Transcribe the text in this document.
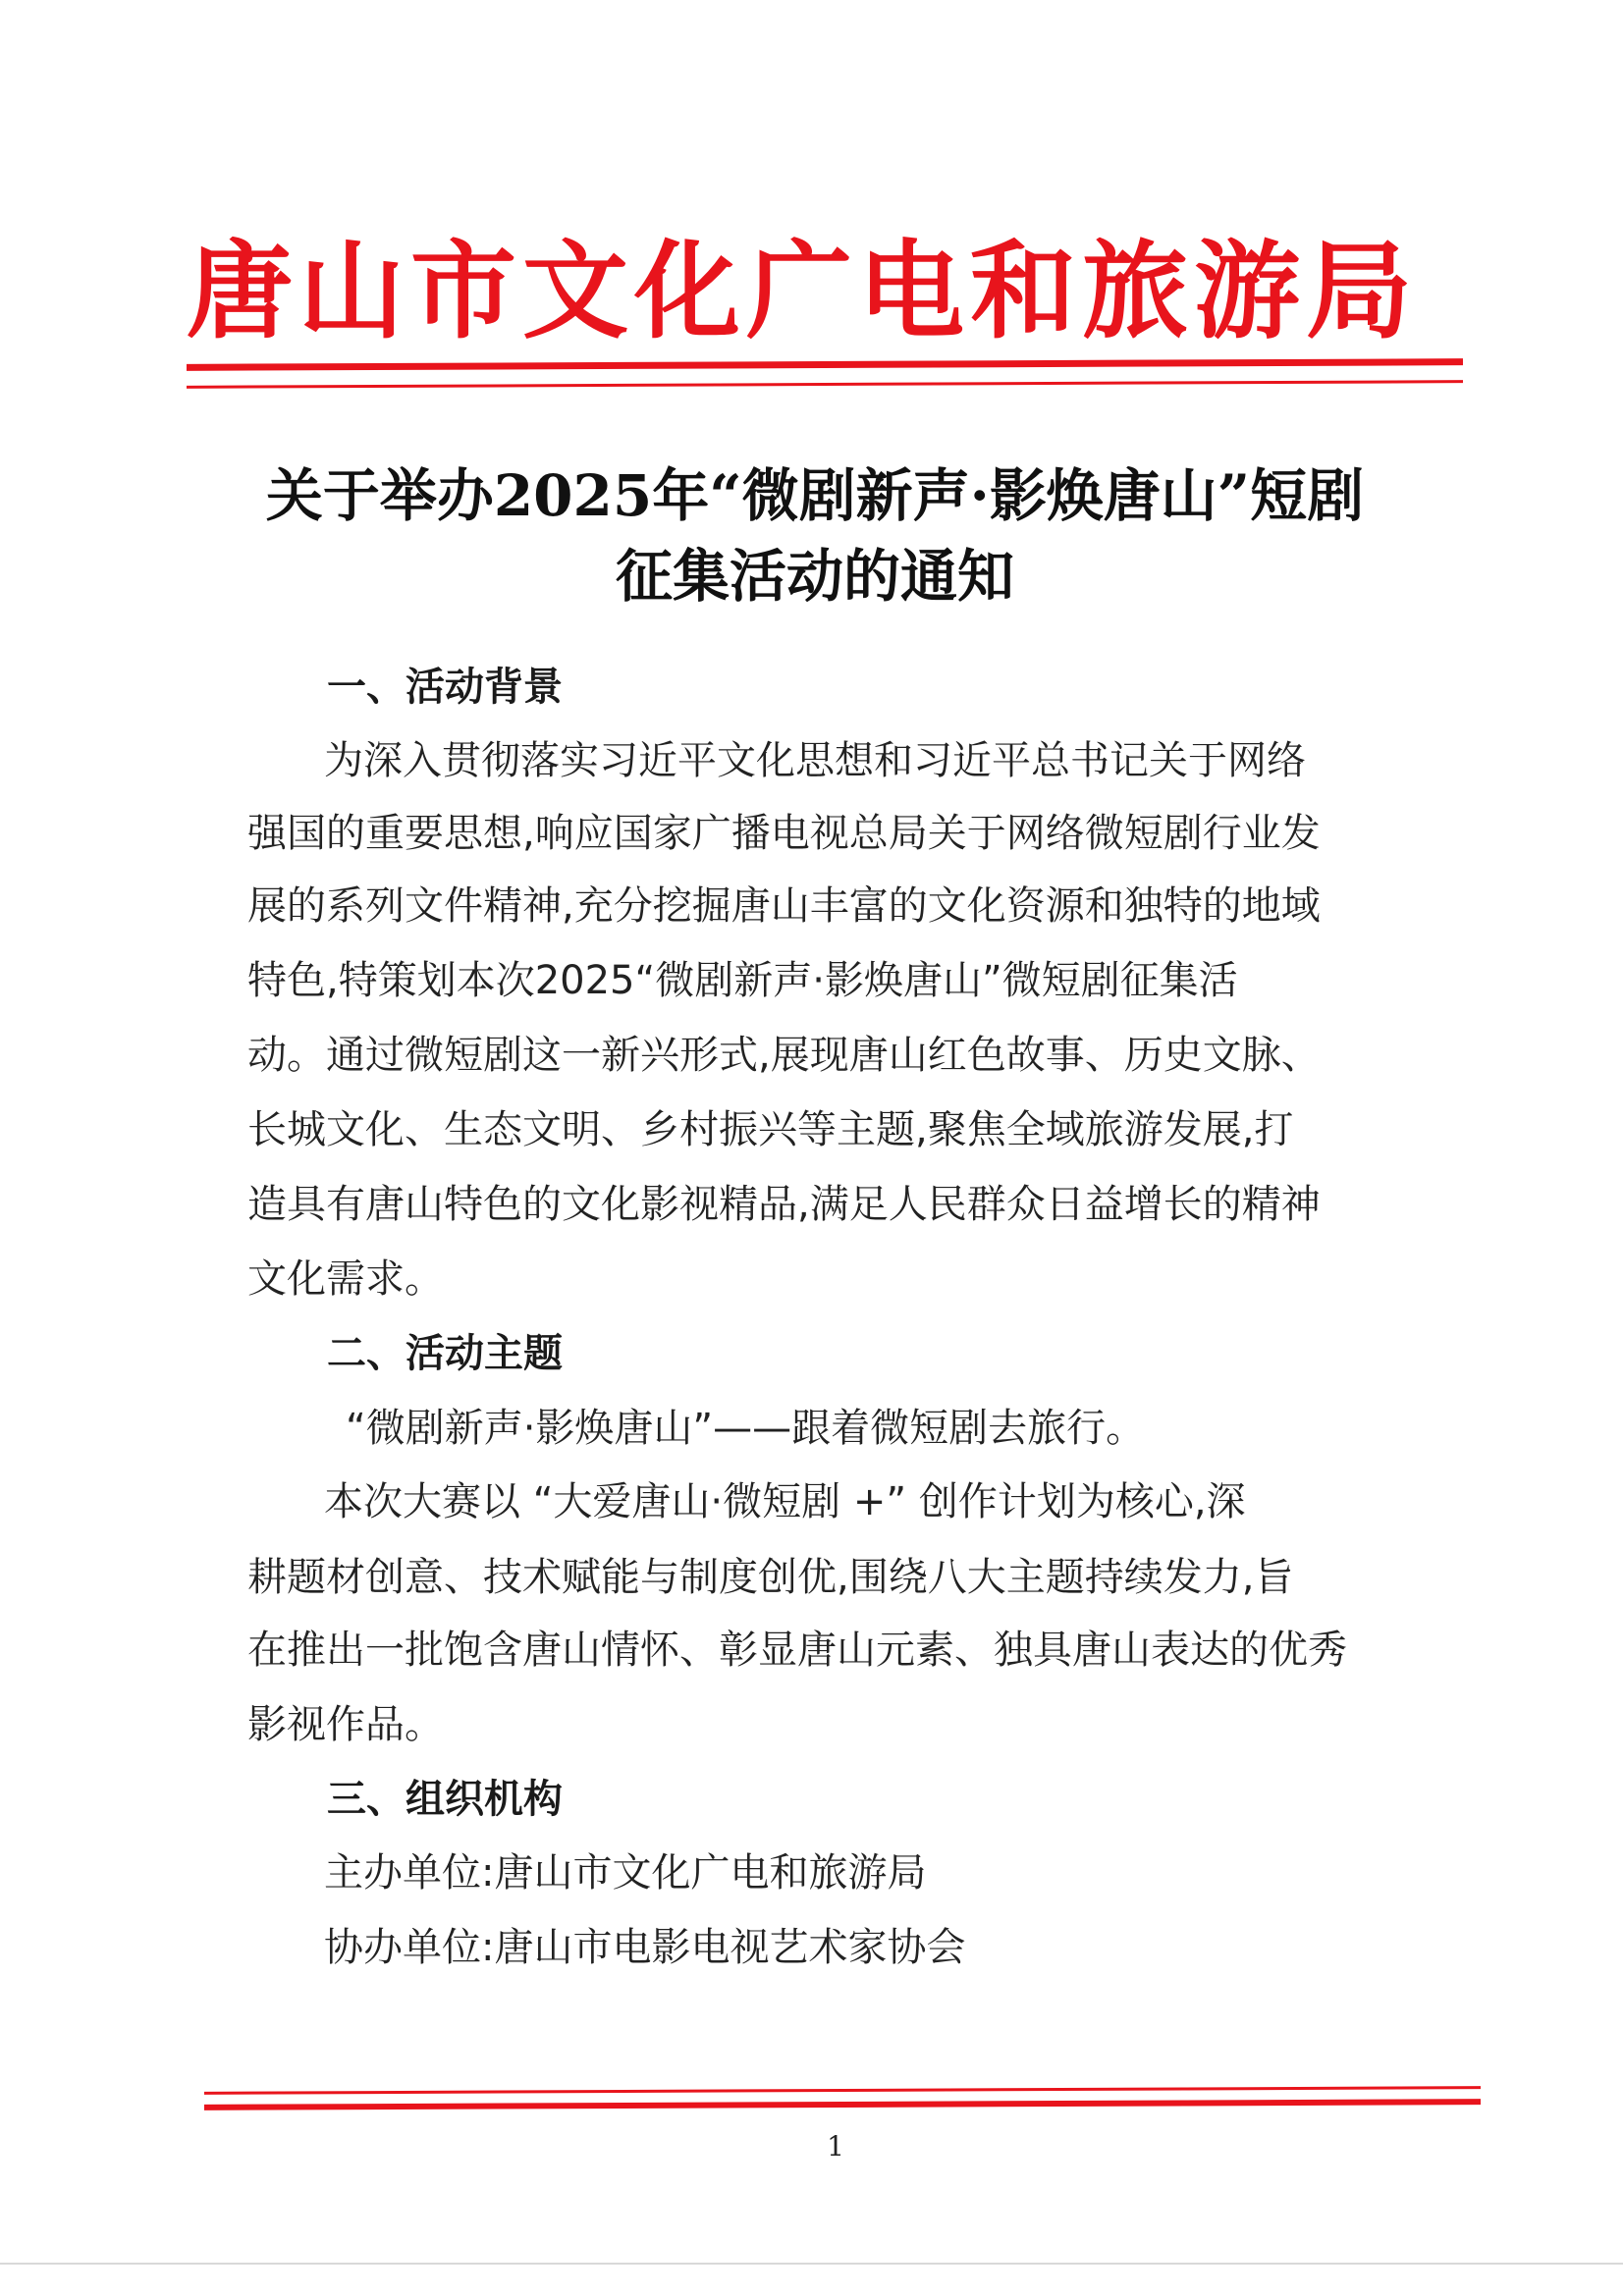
唐山市文化广电和旅游局
关于举办2025年“微剧新声·影焕唐山”短剧
征集活动的通知
一、活动背景
为深入贯彻落实习近平文化思想和习近平总书记关于网络
强国的重要思想,响应国家广播电视总局关于网络微短剧行业发
展的系列文件精神,充分挖掘唐山丰富的文化资源和独特的地域
特色,特策划本次2025“微剧新声·影焕唐山”微短剧征集活
动。通过微短剧这一新兴形式,展现唐山红色故事、历史文脉、
长城文化、生态文明、乡村振兴等主题,聚焦全域旅游发展,打
造具有唐山特色的文化影视精品,满足人民群众日益增长的精神
文化需求。
二、活动主题
“微剧新声·影焕唐山”——跟着微短剧去旅行。
本次大赛以 “大爱唐山·微短剧 +” 创作计划为核心,深
耕题材创意、技术赋能与制度创优,围绕八大主题持续发力,旨
在推出一批饱含唐山情怀、彰显唐山元素、独具唐山表达的优秀
影视作品。
三、组织机构
主办单位:唐山市文化广电和旅游局
协办单位:唐山市电影电视艺术家协会
1
